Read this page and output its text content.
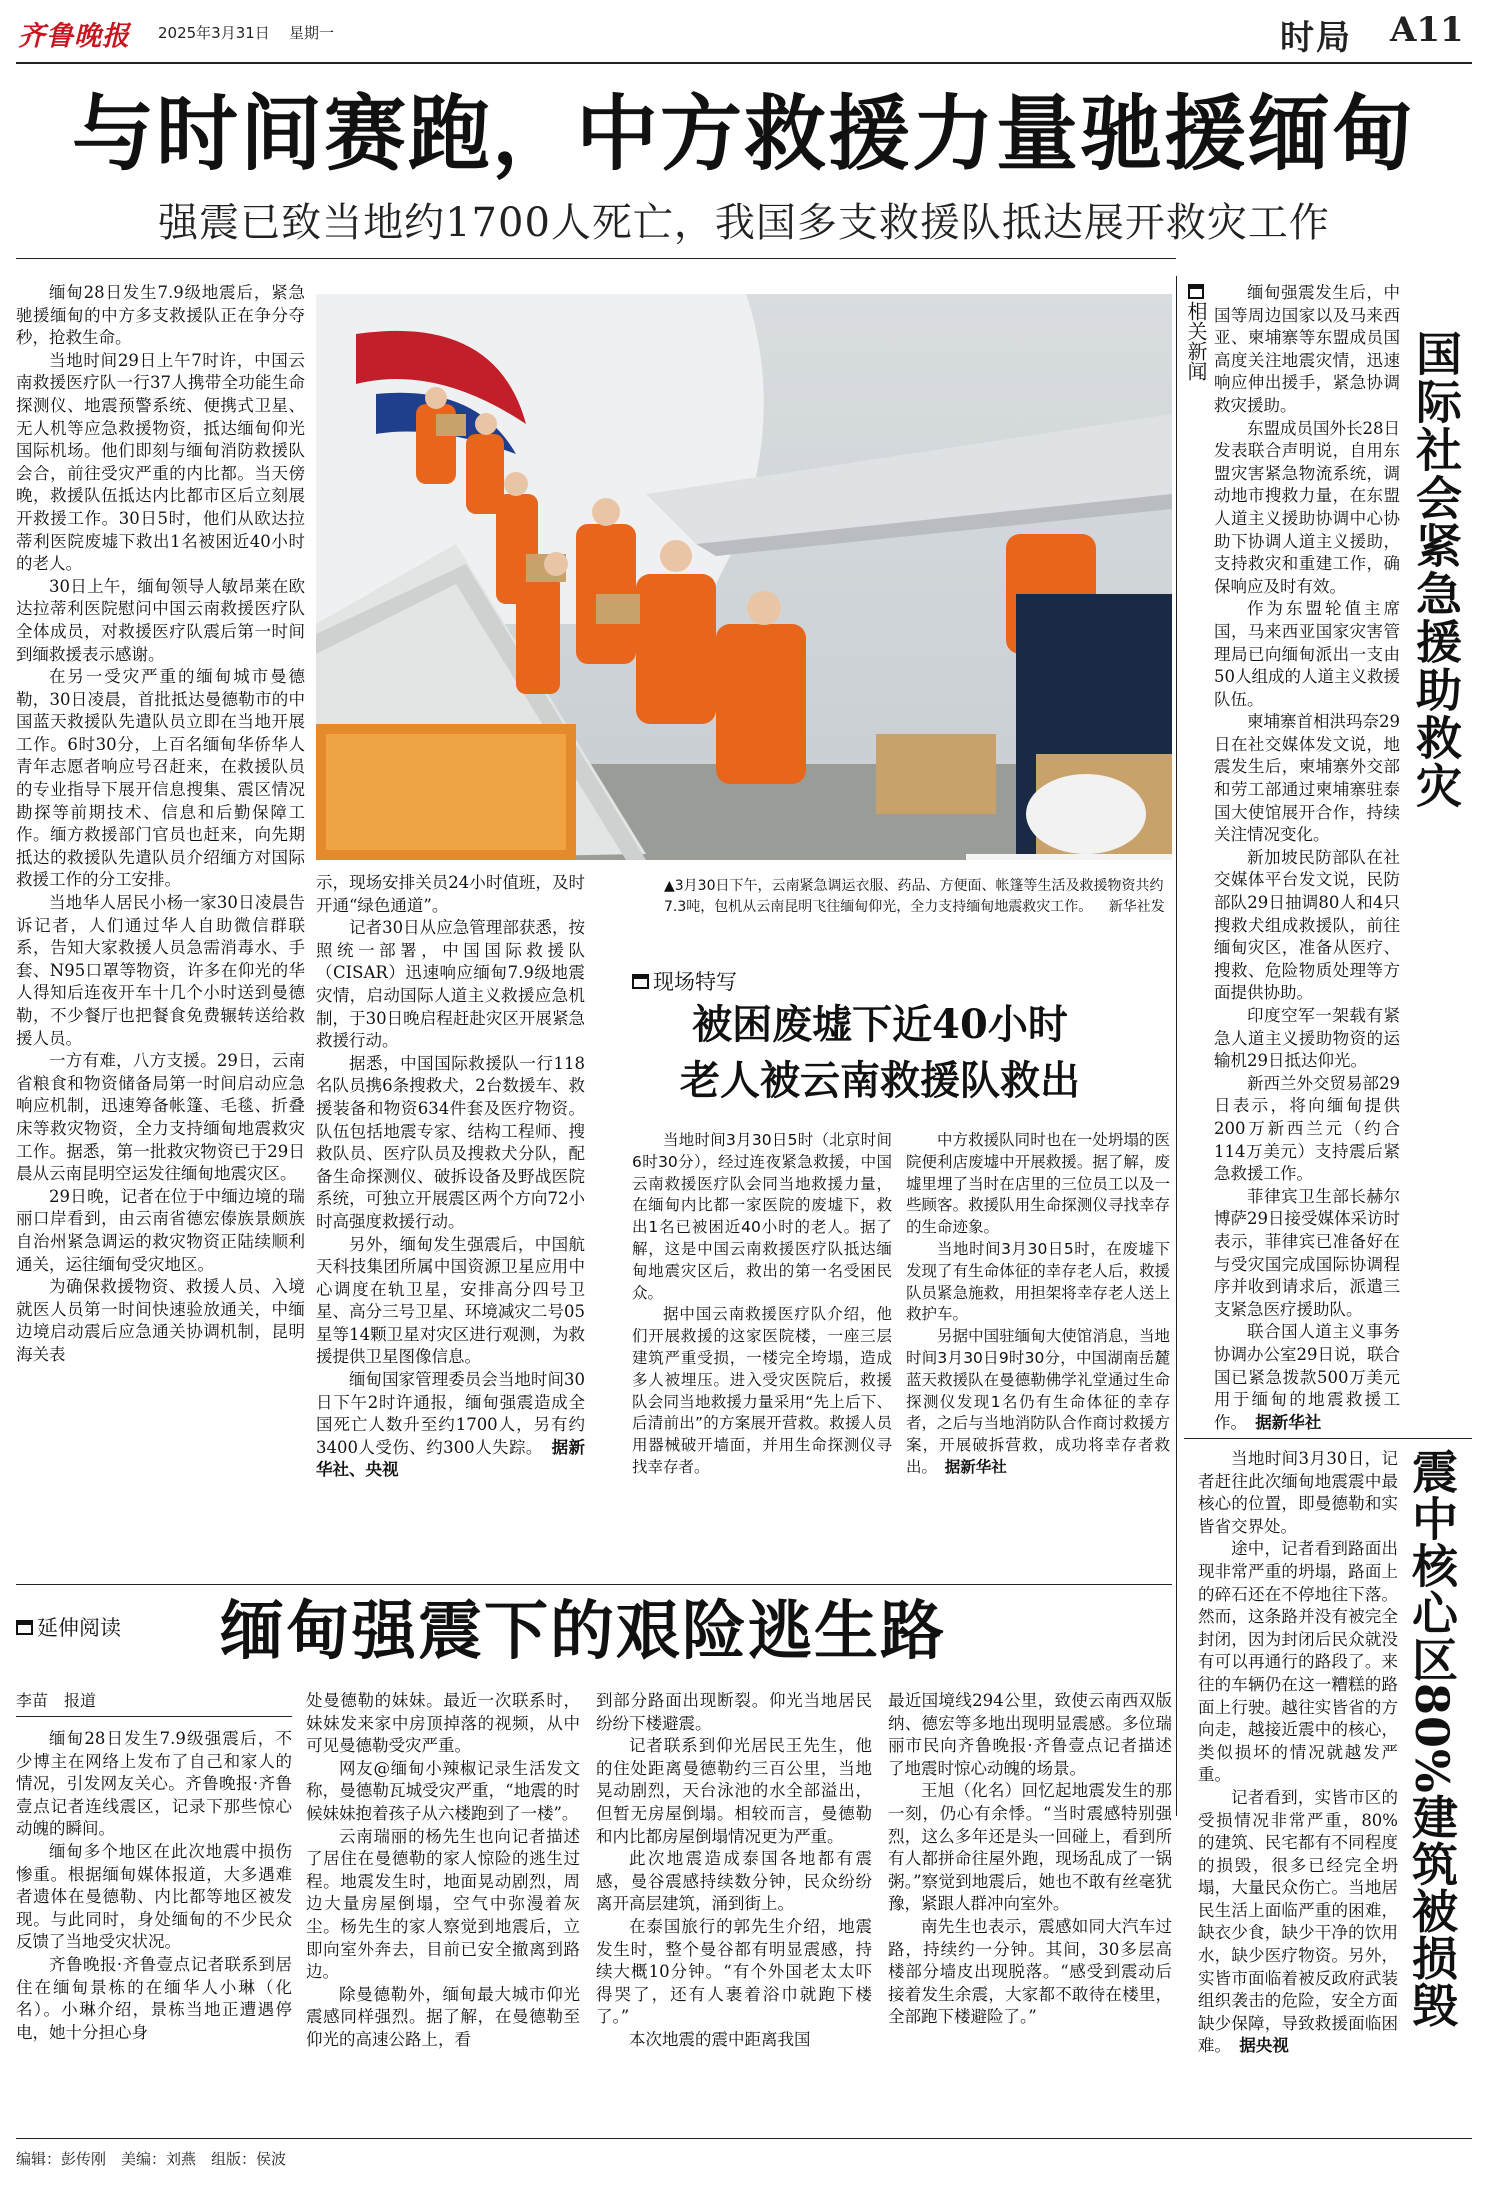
齐鲁晚报 2025年3月31日 星期一	时局 A11
与时间赛跑，中方救援力量驰援缅甸
强震已致当地约1700人死亡，我国多支救援队抵达展开救灾工作

缅甸28日发生7.9级地震后，紧急驰援缅甸的中方多支救援队正在争分夺秒，抢救生命。

当地时间29日上午7时许，中国云南救援医疗队一行37人携带全功能生命探测仪、地震预警系统、便携式卫星、无人机等应急救援物资，抵达缅甸仰光国际机场。他们即刻与缅甸消防救援队会合，前往受灾严重的内比都。当天傍晚，救援队伍抵达内比都市区后立刻展开救援工作。30日5时，他们从欧达拉蒂利医院废墟下救出1名被困近40小时的老人。

30日上午，缅甸领导人敏昂莱在欧达拉蒂利医院慰问中国云南救援医疗队全体成员，对救援医疗队震后第一时间到缅救援表示感谢。

在另一受灾严重的缅甸城市曼德勒，30日凌晨，首批抵达曼德勒市的中国蓝天救援队先遣队员立即在当地开展工作。6时30分，上百名缅甸华侨华人青年志愿者响应号召赶来，在救援队员的专业指导下展开信息搜集、震区情况勘探等前期技术、信息和后勤保障工作。缅方救援部门官员也赶来，向先期抵达的救援队先遣队员介绍缅方对国际救援工作的分工安排。

当地华人居民小杨一家30日凌晨告诉记者，人们通过华人自助微信群联系，告知大家救援人员急需消毒水、手套、N95口罩等物资，许多在仰光的华人得知后连夜开车十几个小时送到曼德勒，不少餐厅也把餐食免费辗转送给救援人员。

一方有难，八方支援。29日，云南省粮食和物资储备局第一时间启动应急响应机制，迅速筹备帐篷、毛毯、折叠床等救灾物资，全力支持缅甸地震救灾工作。据悉，第一批救灾物资已于29日晨从云南昆明空运发往缅甸地震灾区。

29日晚，记者在位于中缅边境的瑞丽口岸看到，由云南省德宏傣族景颇族自治州紧急调运的救灾物资正陆续顺利通关，运往缅甸受灾地区。

为确保救援物资、救援人员、入境就医人员第一时间快速验放通关，中缅边境启动震后应急通关协调机制，昆明海关表

示，现场安排关员24小时值班，及时开通“绿色通道”。

记者30日从应急管理部获悉，按照统一部署，中国国际救援队（CISAR）迅速响应缅甸7.9级地震灾情，启动国际人道主义救援应急机制，于30日晚启程赶赴灾区开展紧急救援行动。

据悉，中国国际救援队一行118名队员携6条搜救犬，2台数援车、救援装备和物资634件套及医疗物资。队伍包括地震专家、结构工程师、搜救队员、医疗队员及搜救犬分队，配备生命探测仪、破拆设备及野战医院系统，可独立开展震区两个方向72小时高强度救援行动。

另外，缅甸发生强震后，中国航天科技集团所属中国资源卫星应用中心调度在轨卫星，安排高分四号卫星、高分三号卫星、环境减灾二号05星等14颗卫星对灾区进行观测，为救援提供卫星图像信息。

缅甸国家管理委员会当地时间30日下午2时许通报，缅甸强震造成全国死亡人数升至约1700人，另有约3400人受伤、约300人失踪。　 据新华社、央视

▲3月30日下午，云南紧急调运衣服、药品、方便面、帐篷等生活及救援物资共约7.3吨，包机从云南昆明飞往缅甸仰光，全力支持缅甸地震救灾工作。 新华社发
现场特写
被困废墟下近40小时
老人被云南救援队救出

当地时间3月30日5时（北京时间6时30分），经过连夜紧急救援，中国云南救援医疗队会同当地救援力量，在缅甸内比都一家医院的废墟下，救出1名已被困近40小时的老人。据了解，这是中国云南救援医疗队抵达缅甸地震灾区后，救出的第一名受困民众。

据中国云南救援医疗队介绍，他们开展救援的这家医院楼，一座三层建筑严重受损，一楼完全垮塌，造成多人被埋压。进入受灾医院后，救援队会同当地救援力量采用“先上后下、后清前出”的方案展开营救。救援人员用器械破开墙面，并用生命探测仪寻找幸存者。

中方救援队同时也在一处坍塌的医院便利店废墟中开展救援。据了解，废墟里埋了当时在店里的三位员工以及一些顾客。救援队用生命探测仪寻找幸存的生命迹象。

当地时间3月30日5时，在废墟下发现了有生命体征的幸存老人后，救援队员紧急施救，用担架将幸存老人送上救护车。

另据中国驻缅甸大使馆消息，当地时间3月30日9时30分，中国湖南岳麓蓝天救援队在曼德勒佛学礼堂通过生命探测仪发现1名仍有生命体征的幸存者，之后与当地消防队合作商讨救援方案，开展破拆营救，成功将幸存者救出。　 据新华社

相关新闻

缅甸强震发生后，中国等周边国家以及马来西亚、柬埔寨等东盟成员国高度关注地震灾情，迅速响应伸出援手，紧急协调救灾援助。

东盟成员国外长28日发表联合声明说，自用东盟灾害紧急物流系统，调动地市搜救力量，在东盟人道主义援助协调中心协助下协调人道主义援助，支持救灾和重建工作，确保响应及时有效。

作为东盟轮值主席国，马来西亚国家灾害管理局已向缅甸派出一支由50人组成的人道主义救援队伍。

柬埔寨首相洪玛奈29日在社交媒体发文说，地震发生后，柬埔寨外交部和劳工部通过柬埔寨驻泰国大使馆展开合作，持续关注情况变化。

新加坡民防部队在社交媒体平台发文说，民防部队29日抽调80人和4只搜救犬组成救援队，前往缅甸灾区，准备从医疗、搜救、危险物质处理等方面提供协助。

印度空军一架载有紧急人道主义援助物资的运输机29日抵达仰光。

新西兰外交贸易部29日表示，将向缅甸提供200万新西兰元（约合114万美元）支持震后紧急救援工作。

菲律宾卫生部长赫尔博萨29日接受媒体采访时表示，菲律宾已准备好在与受灾国完成国际协调程序并收到请求后，派遣三支紧急医疗援助队。

联合国人道主义事务协调办公室29日说，联合国已紧急拨款500万美元用于缅甸的地震救援工作。　 据新华社

国际社会紧急援助救灾

当地时间3月30日，记者赶往此次缅甸地震震中最核心的位置，即曼德勒和实皆省交界处。

途中，记者看到路面出现非常严重的坍塌，路面上的碎石还在不停地往下落。然而，这条路并没有被完全封闭，因为封闭后民众就没有可以再通行的路段了。来往的车辆仍在这一糟糕的路面上行驶。越往实皆省的方向走，越接近震中的核心，类似损坏的情况就越发严重。

记者看到，实皆市区的受损情况非常严重，80%的建筑、民宅都有不同程度的损毁，很多已经完全坍塌，大量民众伤亡。当地居民生活上面临严重的困难，缺衣少食，缺少干净的饮用水，缺少医疗物资。另外，实皆市面临着被反政府武装组织袭击的危险，安全方面缺少保障，导致救援面临困难。　 据央视

震中核心区80%建筑被损毁
延伸阅读 缅甸强震下的艰险逃生路
李苗　报道

缅甸28日发生7.9级强震后，不少博主在网络上发布了自己和家人的情况，引发网友关心。齐鲁晚报·齐鲁壹点记者连线震区，记录下那些惊心动魄的瞬间。

缅甸多个地区在此次地震中损伤惨重。根据缅甸媒体报道，大多遇难者遗体在曼德勒、内比都等地区被发现。与此同时，身处缅甸的不少民众反馈了当地受灾状况。

齐鲁晚报·齐鲁壹点记者联系到居住在缅甸景栋的在缅华人小琳（化名）。小琳介绍，景栋当地正遭遇停电，她十分担心身

处曼德勒的妹妹。最近一次联系时，妹妹发来家中房顶掉落的视频，从中可见曼德勒受灾严重。

网友@缅甸小辣椒记录生活发文称，曼德勒瓦城受灾严重，“地震的时候妹妹抱着孩子从六楼跑到了一楼”。

云南瑞丽的杨先生也向记者描述了居住在曼德勒的家人惊险的逃生过程。地震发生时，地面晃动剧烈，周边大量房屋倒塌，空气中弥漫着灰尘。杨先生的家人察觉到地震后，立即向室外奔去，目前已安全撤离到路边。

除曼德勒外，缅甸最大城市仰光震感同样强烈。据了解，在曼德勒至仰光的高速公路上，看

到部分路面出现断裂。仰光当地居民纷纷下楼避震。

记者联系到仰光居民王先生，他的住处距离曼德勒约三百公里，当地晃动剧烈，天台泳池的水全部溢出，但暂无房屋倒塌。相较而言，曼德勒和内比都房屋倒塌情况更为严重。

此次地震造成泰国各地都有震感，曼谷震感持续数分钟，民众纷纷离开高层建筑，涌到街上。

在泰国旅行的郭先生介绍，地震发生时，整个曼谷都有明显震感，持续大概10分钟。“有个外国老太太吓得哭了，还有人裹着浴巾就跑下楼了。”

本次地震的震中距离我国

最近国境线294公里，致使云南西双版纳、德宏等多地出现明显震感。多位瑞丽市民向齐鲁晚报·齐鲁壹点记者描述了地震时惊心动魄的场景。

王旭（化名）回忆起地震发生的那一刻，仍心有余悸。“当时震感特别强烈，这么多年还是头一回碰上，看到所有人都拼命往屋外跑，现场乱成了一锅粥。”察觉到地震后，她也不敢有丝毫犹豫，紧跟人群冲向室外。

南先生也表示，震感如同大汽车过路，持续约一分钟。其间，30多层高楼部分墙皮出现脱落。“感受到震动后接着发生余震，大家都不敢待在楼里，全部跑下楼避险了。”

编辑：彭传刚　美编：刘燕　组版：侯波
